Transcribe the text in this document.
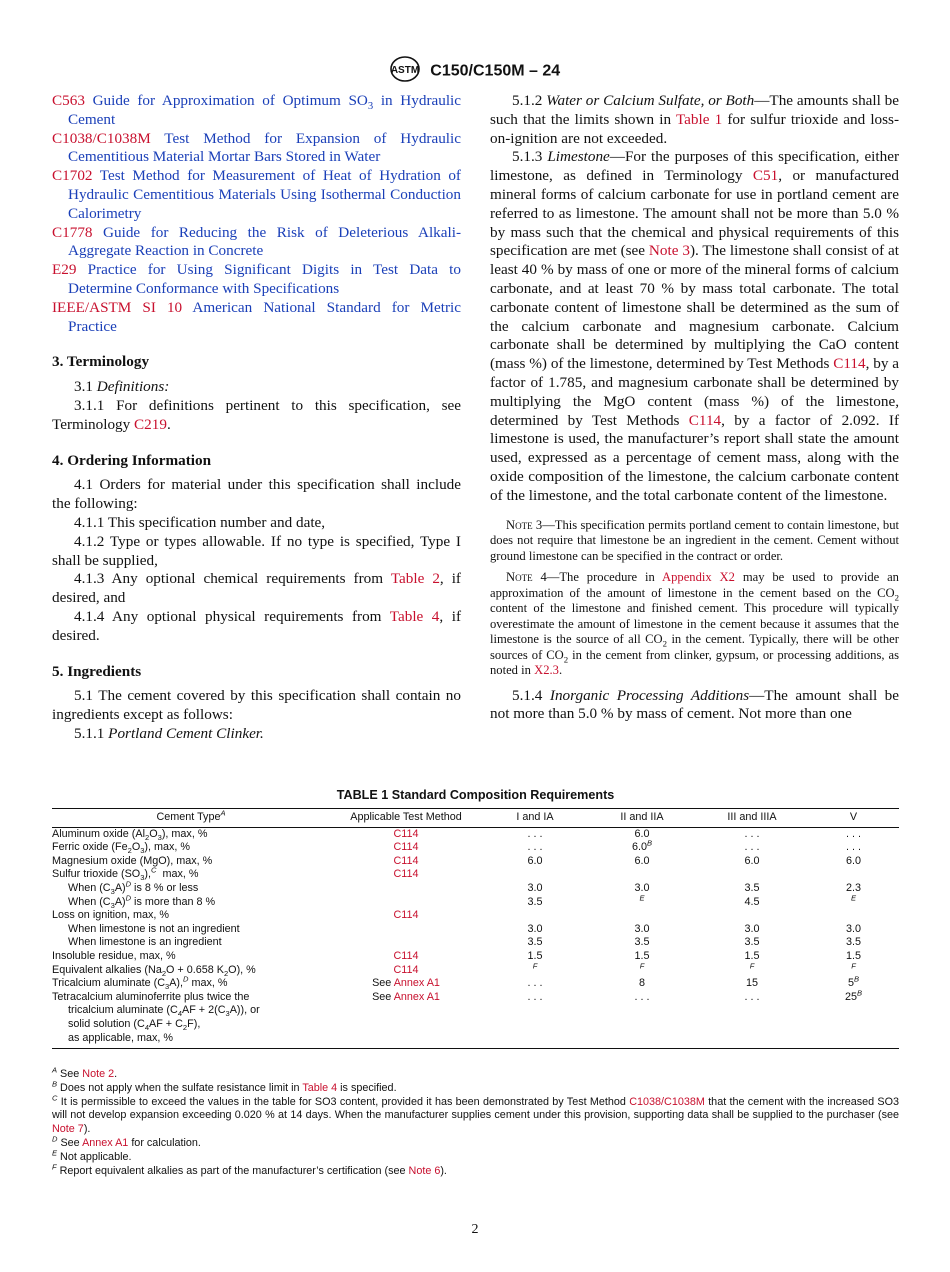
ASTM C150/C150M – 24

C563 Guide for Approximation of Optimum $SO_3$ in Hydraulic Cement

C1038/C1038M Test Method for Expansion of Hydraulic Cementitious Material Mortar Bars Stored in Water

C1702 Test Method for Measurement of Heat of Hydration of Hydraulic Cementitious Materials Using Isothermal Conduction Calorimetry

C1778 Guide for Reducing the Risk of Deleterious Alkali-Aggregate Reaction in Concrete

E29 Practice for Using Significant Digits in Test Data to Determine Conformance with Specifications

IEEE/ASTM SI 10 American National Standard for Metric Practice

3. Terminology

3.1 Definitions:

3.1.1 For definitions pertinent to this specification, see Terminology C219.

4. Ordering Information

4.1 Orders for material under this specification shall include the following:

4.1.1 This specification number and date,

4.1.2 Type or types allowable. If no type is specified, Type I shall be supplied,

4.1.3 Any optional chemical requirements from Table 2, if desired, and

4.1.4 Any optional physical requirements from Table 4, if desired.

5. Ingredients

5.1 The cement covered by this specification shall contain no ingredients except as follows:

5.1.1 Portland Cement Clinker.

5.1.2 Water or Calcium Sulfate, or Both—The amounts shall be such that the limits shown in Table 1 for sulfur trioxide and loss-on-ignition are not exceeded.

5.1.3 Limestone—For the purposes of this specification, either limestone, as defined in Terminology C51, or manufactured mineral forms of calcium carbonate for use in portland cement are referred to as limestone. The amount shall not be more than 5.0 % by mass such that the chemical and physical requirements of this specification are met (see Note 3). The limestone shall consist of at least 40 % by mass of one or more of the mineral forms of calcium carbonate, and at least 70 % by mass total carbonate. The total carbonate content of limestone shall be determined as the sum of the calcium carbonate and magnesium carbonate. Calcium carbonate shall be determined by multiplying the CaO content (mass %) of the limestone, determined by Test Methods C114, by a factor of 1.785, and magnesium carbonate shall be determined by multiplying the MgO content (mass %) of the limestone, determined by Test Methods C114, by a factor of 2.092. If limestone is used, the manufacturer’s report shall state the amount used, expressed as a percentage of cement mass, along with the oxide composition of the limestone, the calcium carbonate content of the limestone, and the total carbonate content of the limestone.

Note 3—This specification permits portland cement to contain limestone, but does not require that limestone be an ingredient in the cement. Cement without ground limestone can be specified in the contract or order.

Note 4—The procedure in Appendix X2 may be used to provide an approximation of the amount of limestone in the cement based on the $CO_2$ content of the limestone and finished cement. This procedure will typically overestimate the amount of limestone in the cement because it assumes that the limestone is the source of all $CO_2$ in the cement. Typically, there will be other sources of $CO_2$ in the cement from clinker, gypsum, or processing additions, as noted in X2.3.

5.1.4 Inorganic Processing Additions—The amount shall be not more than 5.0 % by mass of cement. Not more than one

TABLE 1 Standard Composition Requirements
Cement Type$^A$	Applicable Test Method	I and IA	II and IIA	III and IIIA	V
Aluminum oxide $(Al_2O_3)$, max, %	C114	. . .	6.0	. . .	. . .
Ferric oxide $(Fe_2O_3)$, max, %	C114	. . .	$6.0^B$	. . .	. . .
Magnesium oxide (MgO), max, %	C114	6.0	6.0	6.0	6.0
Sulfur trioxide $(SO_3),^C$  max, %	C114				
When $(C_3A)^D$ is 8 % or less		3.0	3.0	3.5	2.3
When $(C_3A)^D$ is more than 8 %		3.5	$^E$	4.5	$^E$
Loss on ignition, max, %	C114				
When limestone is not an ingredient		3.0	3.0	3.0	3.0
When limestone is an ingredient		3.5	3.5	3.5	3.5
Insoluble residue, max, %	C114	1.5	1.5	1.5	1.5
Equivalent alkalies ($Na_2O + 0.658$ $K_2O$), %	C114	$^F$	$^F$	$^F$	$^F$
Tricalcium aluminate $(C_3A),^D$ max, %	See Annex A1	. . .	8	15	$5^B$
Tetracalcium aluminoferrite plus twice the
tricalcium aluminate $(C_4AF + 2(C_3A))$, or
solid solution $(C_4AF + C_2F)$,
as applicable, max, %	See Annex A1	. . .	. . .	. . .	$25^B$

$^A$ See Note 2.

$^B$ Does not apply when the sulfate resistance limit in Table 4 is specified.

$^C$ It is permissible to exceed the values in the table for SO3 content, provided it has been demonstrated by Test Method C1038/C1038M that the cement with the increased SO3 will not develop expansion exceeding 0.020 % at 14 days. When the manufacturer supplies cement under this provision, supporting data shall be supplied to the purchaser (see Note 7).

$^D$ See Annex A1 for calculation.

$^E$ Not applicable.

$^F$ Report equivalent alkalies as part of the manufacturer’s certification (see Note 6).

2
